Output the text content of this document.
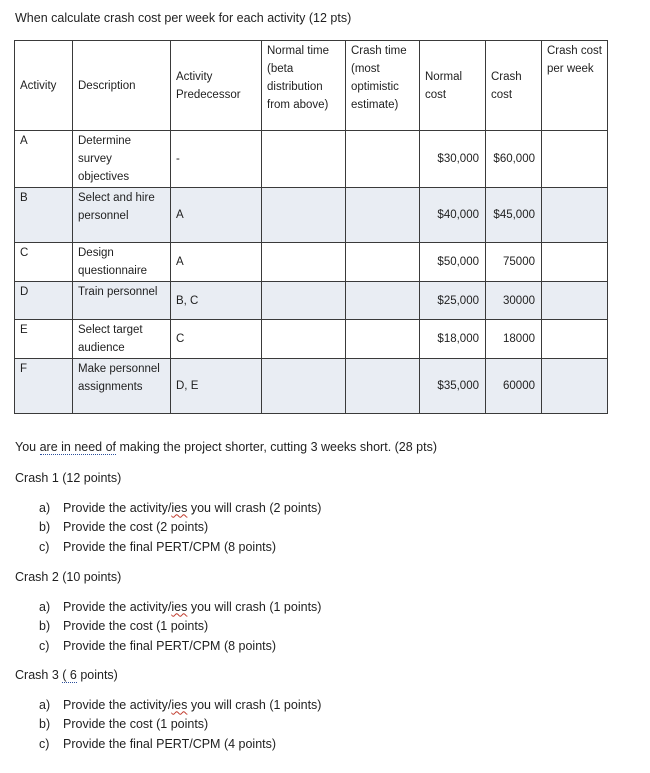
When calculate crash cost per week for each activity (12 pts)
Activity	Description	Activity Predecessor	Normal time (beta distribution from above)	Crash time (most optimistic estimate)	Normal cost	Crash cost	Crash cost per week
A	Determine survey objectives	-			$30,000	$60,000	
B	Select and hire personnel	A			$40,000	$45,000	
C	Design questionnaire	A			$50,000	75000	
D	Train personnel	B, C			$25,000	30000	
E	Select target audience	C			$18,000	18000	
F	Make personnel assignments	D, E			$35,000	60000	
You are in need of making the project shorter, cutting 3 weeks short. (28 pts)
Crash 1 (12 points)
a) Provide the activity/ies you will crash (2 points)
b) Provide the cost (2 points)
c) Provide the final PERT/CPM (8 points)
Crash 2 (10 points)
a) Provide the activity/ies you will crash (1 points)
b) Provide the cost (1 points)
c) Provide the final PERT/CPM (8 points)
Crash 3 ( 6 points)
a) Provide the activity/ies you will crash (1 points)
b) Provide the cost (1 points)
c) Provide the final PERT/CPM (4 points)
